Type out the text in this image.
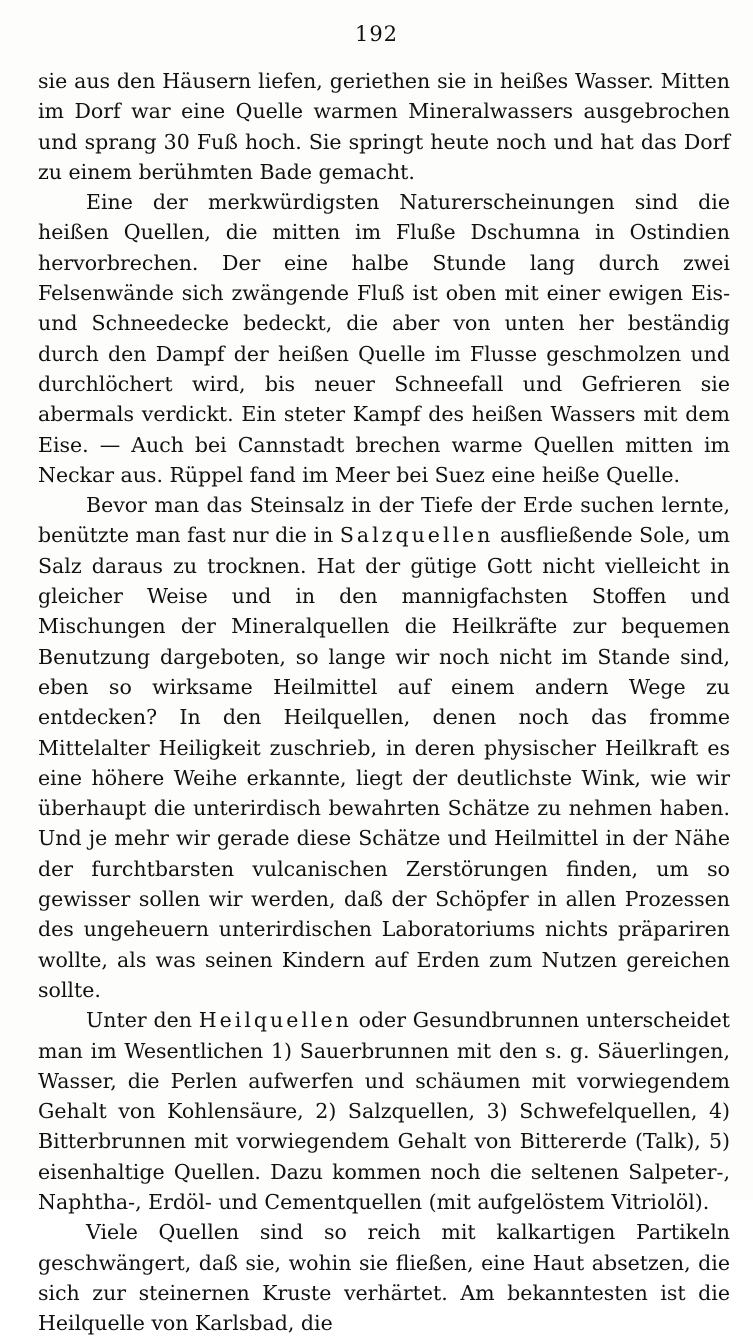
192

sie aus den Häusern liefen, geriethen sie in heißes Wasser. Mitten im Dorf war eine Quelle warmen Mineralwassers ausgebrochen und sprang 30 Fuß hoch. Sie springt heute noch und hat das Dorf zu einem berühmten Bade gemacht.

Eine der merkwürdigsten Naturerscheinungen sind die heißen Quellen, die mitten im Fluße Dschumna in Ostindien hervorbrechen. Der eine halbe Stunde lang durch zwei Felsenwände sich zwängende Fluß ist oben mit einer ewigen Eis- und Schneedecke bedeckt, die aber von unten her beständig durch den Dampf der heißen Quelle im Flusse geschmolzen und durchlöchert wird, bis neuer Schneefall und Gefrieren sie abermals verdickt. Ein steter Kampf des heißen Wassers mit dem Eise. — Auch bei Cannstadt brechen warme Quellen mitten im Neckar aus. Rüppel fand im Meer bei Suez eine heiße Quelle.

Bevor man das Steinsalz in der Tiefe der Erde suchen lernte, benützte man fast nur die in Salzquellen ausfließende Sole, um Salz daraus zu trocknen. Hat der gütige Gott nicht vielleicht in gleicher Weise und in den mannigfachsten Stoffen und Mischungen der Mineralquellen die Heilkräfte zur bequemen Benutzung dargeboten, so lange wir noch nicht im Stande sind, eben so wirksame Heilmittel auf einem andern Wege zu entdecken? In den Heilquellen, denen noch das fromme Mittelalter Heiligkeit zuschrieb, in deren physischer Heilkraft es eine höhere Weihe erkannte, liegt der deutlichste Wink, wie wir überhaupt die unterirdisch bewahrten Schätze zu nehmen haben. Und je mehr wir gerade diese Schätze und Heilmittel in der Nähe der furchtbarsten vulcanischen Zerstörungen finden, um so gewisser sollen wir werden, daß der Schöpfer in allen Prozessen des ungeheuern unterirdischen Laboratoriums nichts präpariren wollte, als was seinen Kindern auf Erden zum Nutzen gereichen sollte.

Unter den Heilquellen oder Gesundbrunnen unterscheidet man im Wesentlichen 1) Sauerbrunnen mit den s. g. Säuerlingen, Wasser, die Perlen aufwerfen und schäumen mit vorwiegendem Gehalt von Kohlensäure, 2) Salzquellen, 3) Schwefelquellen, 4) Bitterbrunnen mit vorwiegendem Gehalt von Bittererde (Talk), 5) eisenhaltige Quellen. Dazu kommen noch die seltenen Salpeter-, Naphtha-, Erdöl- und Cementquellen (mit aufgelöstem Vitriolöl).

Viele Quellen sind so reich mit kalkartigen Partikeln geschwängert, daß sie, wohin sie fließen, eine Haut absetzen, die sich zur steinernen Kruste verhärtet. Am bekanntesten ist die Heilquelle von Karlsbad, die
